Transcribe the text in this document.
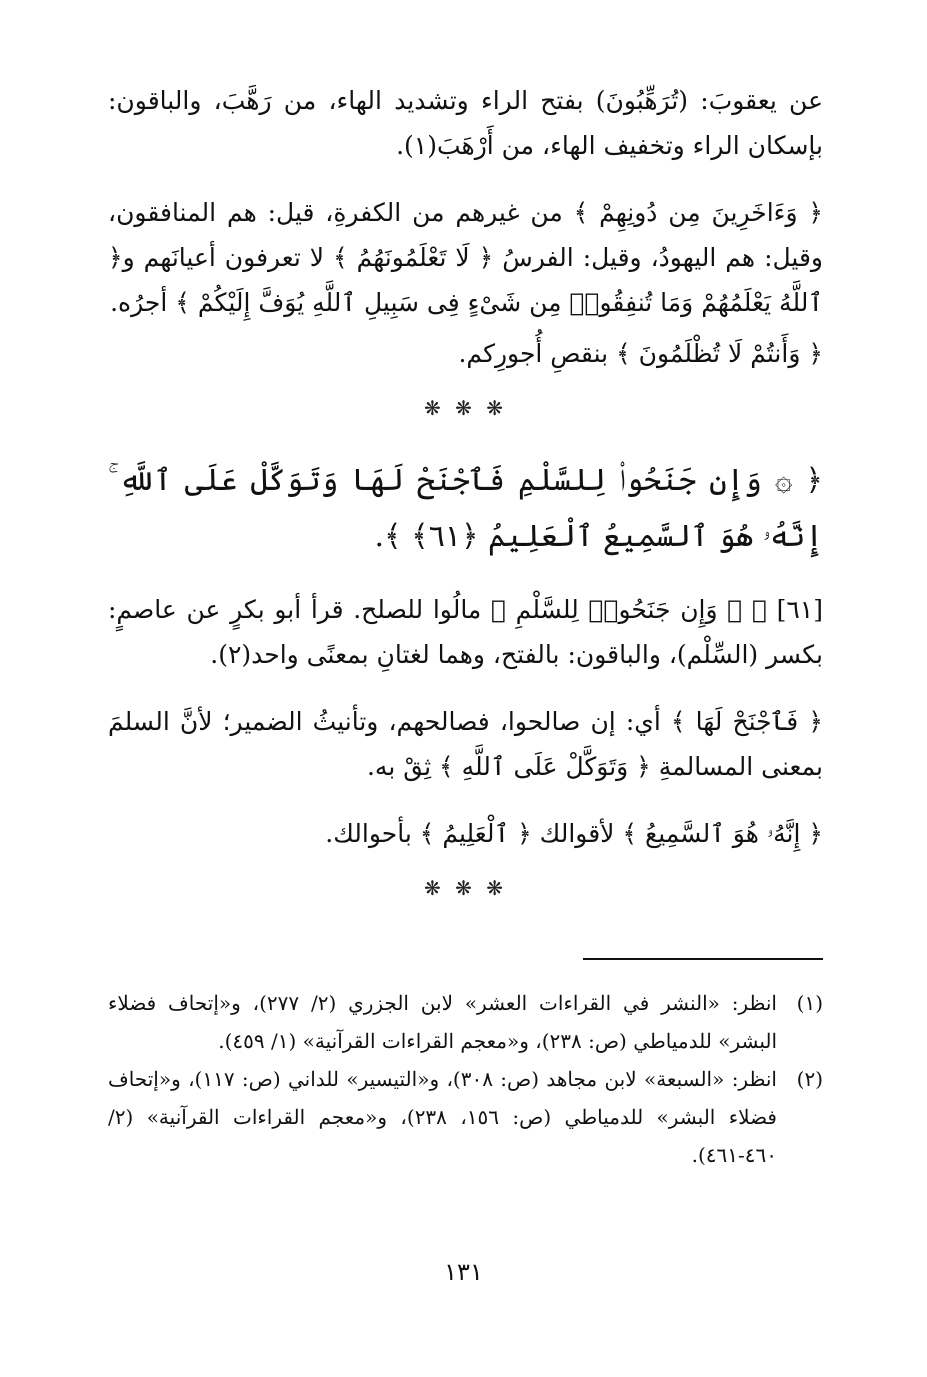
عن يعقوبَ: (تُرَهِّبُونَ) بفتح الراء وتشديد الهاء، من رَهَّبَ، والباقون: بإسكان الراء وتخفيف الهاء، من أَرْهَبَ(١).

﴿ وَءَاخَرِينَ مِن دُونِهِمْ ﴾ من غيرهم من الكفرةِ، قيل: هم المنافقون، وقيل: هم اليهودُ، وقيل: الفرسُ ﴿ لَا تَعْلَمُونَهُمُ ﴾ لا تعرفون أعيانَهم و﴿ ٱللَّهُ يَعْلَمُهُمْ وَمَا تُنفِقُوا۟ مِن شَىْءٍ فِى سَبِيلِ ٱللَّهِ يُوَفَّ إِلَيْكُمْ ﴾ أجرُه.

﴿ وَأَنتُمْ لَا تُظْلَمُونَ ﴾ بنقصِ أُجورِكم.

❋ ❋ ❋

﴿ ۞ وَإِن جَنَحُوا۟ لِلسَّلْمِ فَٱجْنَحْ لَهَا وَتَوَكَّلْ عَلَى ٱللَّهِ ۚ إِنَّهُۥ هُوَ ٱلسَّمِيعُ ٱلْعَلِيمُ ﴿٦١﴾ ﴾.

[٦١] ﴿ ۞ وَإِن جَنَحُوا۟ لِلسَّلْمِ ﴾ مالُوا للصلح. قرأ أبو بكرٍ عن عاصمٍ: بكسر (السِّلْم)، والباقون: بالفتح، وهما لغتانِ بمعنًى واحد(٢).

﴿ فَٱجْنَحْ لَهَا ﴾ أي: إن صالحوا، فصالحهم، وتأنيثُ الضمير؛ لأنَّ السلمَ بمعنى المسالمةِ ﴿ وَتَوَكَّلْ عَلَى ٱللَّهِ ﴾ ثِقْ به.

﴿ إِنَّهُۥ هُوَ ٱلسَّمِيعُ ﴾ لأقوالك ﴿ ٱلْعَلِيمُ ﴾ بأحوالك.

❋ ❋ ❋
(١)
انظر: «النشر في القراءات العشر» لابن الجزري (٢/ ٢٧٧)، و«إتحاف فضلاء البشر» للدمياطي (ص: ٢٣٨)، و«معجم القراءات القرآنية» (١/ ٤٥٩).
(٢)
انظر: «السبعة» لابن مجاهد (ص: ٣٠٨)، و«التيسير» للداني (ص: ١١٧)، و«إتحاف فضلاء البشر» للدمياطي (ص: ١٥٦، ٢٣٨)، و«معجم القراءات القرآنية» (٢/ ٤٦٠-٤٦١).
١٣١
